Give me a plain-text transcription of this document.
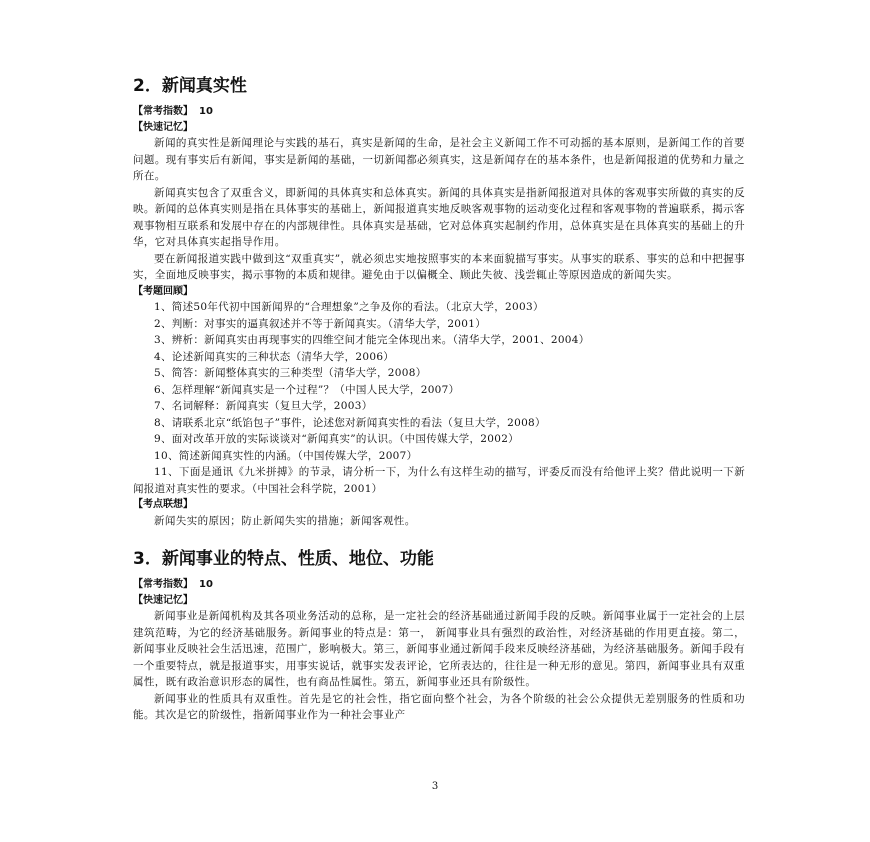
2．新闻真实性
【常考指数】 10
【快速记忆】

新闻的真实性是新闻理论与实践的基石，真实是新闻的生命，是社会主义新闻工作不可动摇的基本原则，是新闻工作的首要问题。现有事实后有新闻，事实是新闻的基础，一切新闻都必须真实，这是新闻存在的基本条件，也是新闻报道的优势和力量之所在。

新闻真实包含了双重含义，即新闻的具体真实和总体真实。新闻的具体真实是指新闻报道对具体的客观事实所做的真实的反映。新闻的总体真实则是指在具体事实的基础上，新闻报道真实地反映客观事物的运动变化过程和客观事物的普遍联系，揭示客观事物相互联系和发展中存在的内部规律性。具体真实是基础，它对总体真实起制约作用，总体真实是在具体真实的基础上的升华，它对具体真实起指导作用。

要在新闻报道实践中做到这“双重真实”，就必须忠实地按照事实的本来面貌描写事实。从事实的联系、事实的总和中把握事实，全面地反映事实，揭示事物的本质和规律。避免由于以偏概全、顾此失彼、浅尝辄止等原因造成的新闻失实。

【考题回顾】
1、简述50年代初中国新闻界的“合理想象”之争及你的看法。（北京大学，2003）
2、判断：对事实的逼真叙述并不等于新闻真实。（清华大学，2001）
3、辨析：新闻真实由再现事实的四维空间才能完全体现出来。（清华大学，2001、2004）
4、论述新闻真实的三种状态（清华大学，2006）
5、简答：新闻整体真实的三种类型（清华大学，2008）
6、怎样理解“新闻真实是一个过程”？（中国人民大学，2007）
7、名词解释：新闻真实（复旦大学，2003）
8、请联系北京“纸馅包子”事件，论述您对新闻真实性的看法（复旦大学，2008）
9、面对改革开放的实际谈谈对“新闻真实”的认识。（中国传媒大学，2002）
10、简述新闻真实性的内涵。（中国传媒大学，2007）
11、下面是通讯《九米拼搏》的节录，请分析一下，为什么有这样生动的描写，评委反而没有给他评上奖？借此说明一下新闻报道对真实性的要求。（中国社会科学院，2001）
【考点联想】

新闻失实的原因；防止新闻失实的措施；新闻客观性。

3．新闻事业的特点、性质、地位、功能
【常考指数】 10
【快速记忆】

新闻事业是新闻机构及其各项业务活动的总称，是一定社会的经济基础通过新闻手段的反映。新闻事业属于一定社会的上层建筑范畴，为它的经济基础服务。新闻事业的特点是：第一， 新闻事业具有强烈的政治性，对经济基础的作用更直接。第二，新闻事业反映社会生活迅速，范围广，影响极大。第三，新闻事业通过新闻手段来反映经济基础，为经济基础服务。新闻手段有一个重要特点，就是报道事实，用事实说话，就事实发表评论，它所表达的，往往是一种无形的意见。第四，新闻事业具有双重属性，既有政治意识形态的属性，也有商品性属性。第五，新闻事业还具有阶级性。

新闻事业的性质具有双重性。首先是它的社会性，指它面向整个社会，为各个阶级的社会公众提供无差别服务的性质和功能。其次是它的阶级性，指新闻事业作为一种社会事业产

3
